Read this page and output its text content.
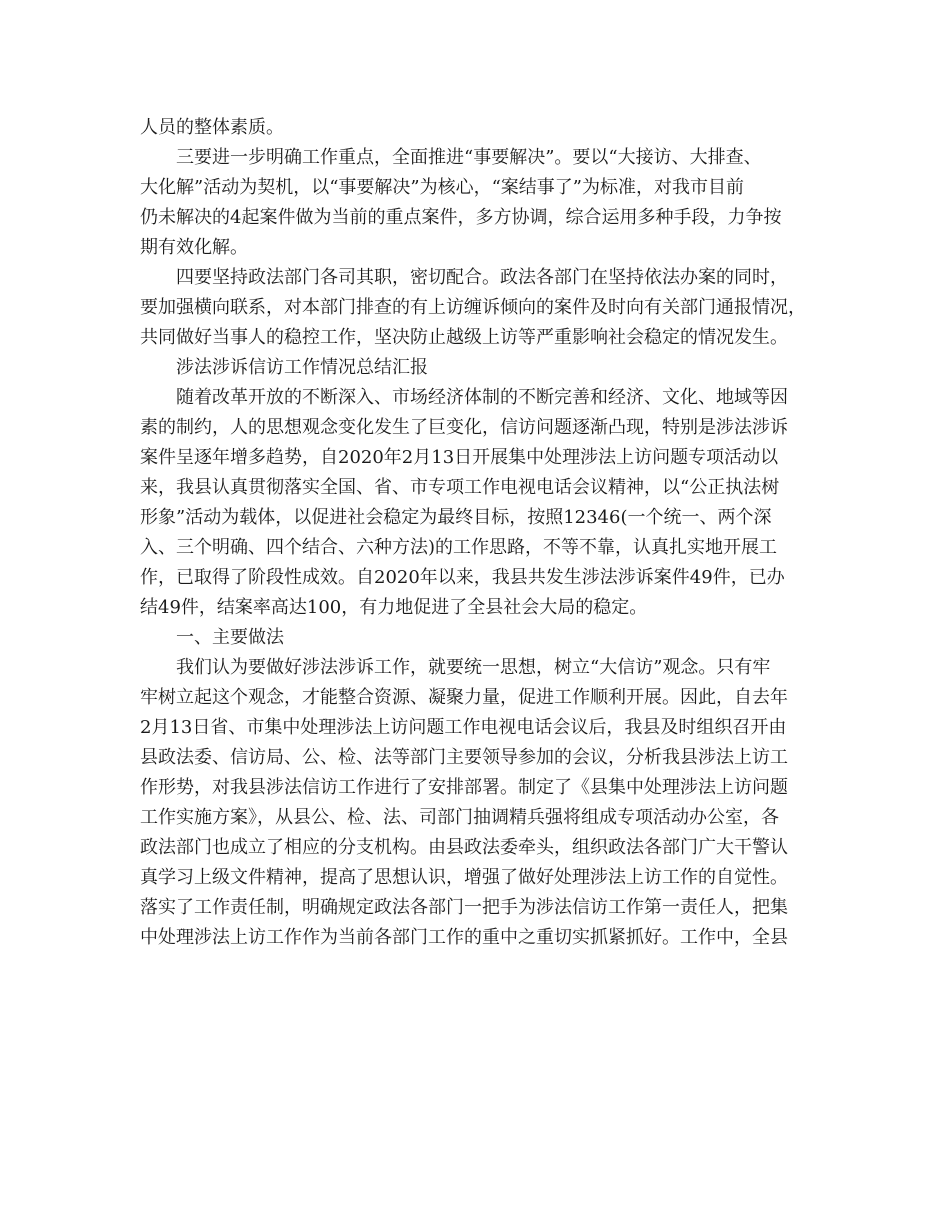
人员的整体素质。
三要进一步明确工作重点，全面推进“事要解决”。要以“大接访、大排查、
大化解”活动为契机，以“事要解决”为核心，“案结事了”为标准，对我市目前
仍未解决的4起案件做为当前的重点案件，多方协调，综合运用多种手段，力争按
期有效化解。
四要坚持政法部门各司其职，密切配合。政法各部门在坚持依法办案的同时，
要加强横向联系，对本部门排查的有上访缠诉倾向的案件及时向有关部门通报情况，
共同做好当事人的稳控工作，坚决防止越级上访等严重影响社会稳定的情况发生。
涉法涉诉信访工作情况总结汇报
随着改革开放的不断深入、市场经济体制的不断完善和经济、文化、地域等因
素的制约，人的思想观念变化发生了巨变化，信访问题逐渐凸现，特别是涉法涉诉
案件呈逐年增多趋势，自2020年2月13日开展集中处理涉法上访问题专项活动以
来，我县认真贯彻落实全国、省、市专项工作电视电话会议精神，以“公正执法树
形象”活动为载体，以促进社会稳定为最终目标，按照12346(一个统一、两个深
入、三个明确、四个结合、六种方法)的工作思路，不等不靠，认真扎实地开展工
作，已取得了阶段性成效。自2020年以来，我县共发生涉法涉诉案件49件，已办
结49件，结案率高达100，有力地促进了全县社会大局的稳定。
一、主要做法
我们认为要做好涉法涉诉工作，就要统一思想，树立“大信访”观念。只有牢
牢树立起这个观念，才能整合资源、凝聚力量，促进工作顺利开展。因此，自去年
2月13日省、市集中处理涉法上访问题工作电视电话会议后，我县及时组织召开由
县政法委、信访局、公、检、法等部门主要领导参加的会议，分析我县涉法上访工
作形势，对我县涉法信访工作进行了安排部署。制定了《县集中处理涉法上访问题
工作实施方案》，从县公、检、法、司部门抽调精兵强将组成专项活动办公室，各
政法部门也成立了相应的分支机构。由县政法委牵头，组织政法各部门广大干警认
真学习上级文件精神，提高了思想认识，增强了做好处理涉法上访工作的自觉性。
落实了工作责任制，明确规定政法各部门一把手为涉法信访工作第一责任人，把集
中处理涉法上访工作作为当前各部门工作的重中之重切实抓紧抓好。工作中，全县
